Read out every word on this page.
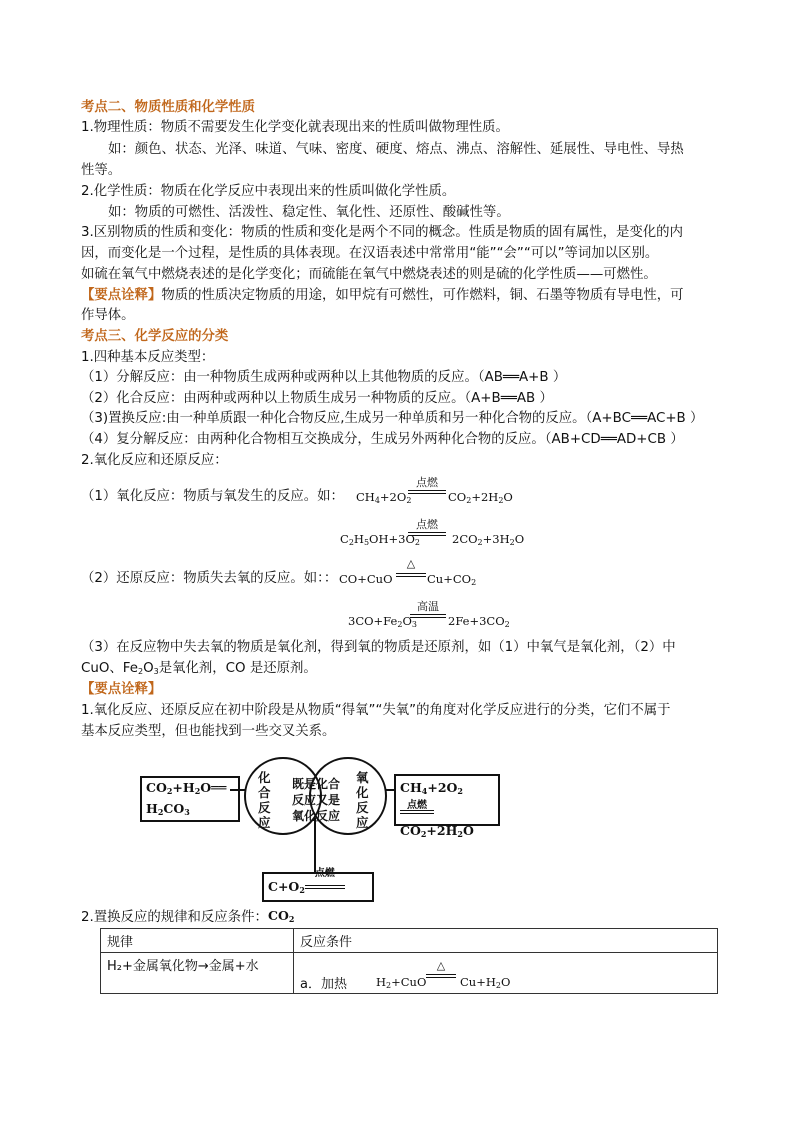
考点二、物质性质和化学性质
1.物理性质：物质不需要发生化学变化就表现出来的性质叫做物理性质。
如：颜色、状态、光泽、味道、气味、密度、硬度、熔点、沸点、溶解性、延展性、导电性、导热
性等。
2.化学性质：物质在化学反应中表现出来的性质叫做化学性质。
如：物质的可燃性、活泼性、稳定性、氧化性、还原性、酸碱性等。
3.区别物质的性质和变化：物质的性质和变化是两个不同的概念。性质是物质的固有属性，是变化的内
因，而变化是一个过程，是性质的具体表现。在汉语表述中常常用“能”“会”“可以”等词加以区别。
如硫在氧气中燃烧表述的是化学变化；而硫能在氧气中燃烧表述的则是硫的化学性质——可燃性。
【要点诠释】物质的性质决定物质的用途，如甲烷有可燃性，可作燃料，铜、石墨等物质有导电性，可
作导体。
考点三、化学反应的分类
1.四种基本反应类型：
（1）分解反应：由一种物质生成两种或两种以上其他物质的反应。（AB══A+B ）
（2）化合反应：由两种或两种以上物质生成另一种物质的反应。（A+B══AB ）
（3)置换反应:由一种单质跟一种化合物反应,生成另一种单质和另一种化合物的反应。（A+BC══AC+B ）
（4）复分解反应：由两种化合物相互交换成分，生成另外两种化合物的反应。（AB+CD══AD+CB ）
2.氧化反应和还原反应：
（1）氧化反应：物质与氧发生的反应。如： $CH_4+2O_2$
点燃
$CO_2+2H_2O$
$C_2H_5OH+3O_2$
点燃
$2CO_2+3H_2O$
（2）还原反应：物质失去氧的反应。如：： CO+CuO
△
$Cu+CO_2$
$3CO+Fe_2O_3$
高温
$2Fe+3CO_2$
（3）在反应物中失去氧的物质是氧化剂，得到氧的物质是还原剂，如（1）中氧气是氧化剂，（2）中
CuO、$Fe_2O_3$是氧化剂，CO 是还原剂。
【要点诠释】
1.氧化反应、还原反应在初中阶段是从物质“得氧”“失氧”的角度对化学反应进行的分类，它们不属于
基本反应类型，但也能找到一些交叉关系。
$CO_2+H_2O══$
$H_2CO_3$
化合反应
氧化反应
既是化合
反应又是
氧化反应
$CH_4+2O_2$
点燃
$CO_2+2H_2O$
$C+O_2$
点燃
$CO_2$
2.置换反应的规律和反应条件：
规律	反应条件
H₂+金属氧化物→金属+水	a．加热 $H_2+CuO$
△
$Cu+H_2O$
